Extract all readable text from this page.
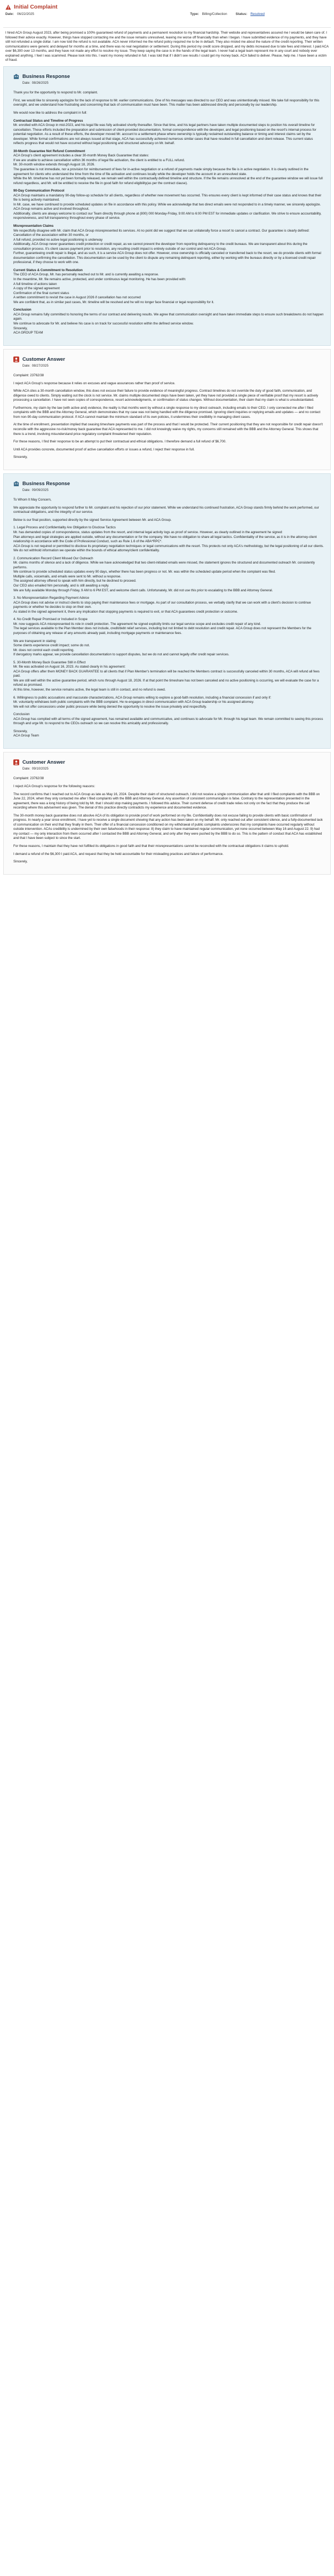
Initial Complaint
Date: 06/22/2025	Type: Billing/Collection	Status: Resolved

I hired ACA Group August 2023, after being promised a 100% guaranteed refund of payments and a permanent resolution to my financial hardship. Their website and representatives assured me I would be taken care of. I followed their advice exactly. However, things have stopped contacting me and the issue remains unresolved, leaving me worse off financially than when I began. I have submitted evidence of my payments, and they have still not refunded a single dollar. I am now told the refund is not available. ACA never informed me the refund policy required me to be in default. They also misled me about the nature of the credit reporting. Their written communications were generic and delayed for months at a time, and there was no real negotiation or settlement. During this period my credit score dropped, and my debts increased due to late fees and interest. I paid ACA over $6,300 over 13 months, and they have not made any effort to resolve my issue. They keep saying the case is in the hands of the legal team. I never had a legal team represent me in any court and nobody ever explained anything. I feel I was scammed. Please look into this. I want my money refunded in full. I was told that if I didn't see results I could get my money back. ACA failed to deliver. Please, help me. I have been a victim of fraud.

Business Response
Date: 08/26/2025

Thank you for the opportunity to respond to Mr. complaint.

First, we would like to sincerely apologize for the lack of response to Mr. earlier communications. One of his messages was directed to our CEO and was unintentionally missed. We take full responsibility for this oversight, and we understand how frustrating and concerning that lack of communication must have been. This matter has been addressed directly and personally by our leadership.

We would now like to address the complaint in full:

Contractual Status and Timeline of Progress

Mr. enrolled with ACA Group in mid-2023, and his legal file was fully activated shortly thereafter. Since that time, and his legal partners have taken multiple documented steps to position his overall timeline for cancellation. These efforts included the preparation and submission of client-provided documentation, formal correspondence with the developer, and legal positioning based on the resort's internal process for potential negotiation. As a result of these efforts, the developer moved Mr. account to a settlement phase where ownership is typically reclaimed outstanding balance or timing and interest claims set by the developer. While formal confirmations are not always issued at that stage, ACA has successfully achieved numerous similar cases that have resulted in full cancellation and client release. This current status reflects progress that would not have occurred without legal positioning and structured advocacy on Mr. behalf.

30-Month Guarantee Not Refund Commitment

ACA Group's client agreement includes a clear 30-month Money Back Guarantee that states:
If we are unable to achieve cancellation within 36 months of legal file activation, the client is entitled to a FULL refund.
Mr. 30-month window extends through August 18, 2026.
The guarantee is not immediate, nor a provision for reimbursement of fees for in-active negotiation or a refund of payments made simply because the file is in active negotiation. It is clearly outlined in the agreement for clients who understand the time from the time of file activation and continues locally while the developer holds the account in an unresolved state.
While the Mr. timeframe has not yet been formally released, we remain well within the contractually defined timeline and structure. If the file remains unresolved at the end of the guarantee window we will issue full refund regardless, and Mr. will be entitled to receive the file in good faith for refund eligibility(as per the contract clause).

90-Day Communication Protocol

ACA Group maintains a mandatory 90-day follow-up schedule for all clients, regardless of whether new movement has occurred. This ensures every client is kept informed of their case status and knows that their file is being actively maintained.
In Mr. case, we have continued to provide scheduled updates on file in accordance with this policy. While we acknowledge that two direct emails were not responded to in a timely manner, we sincerely apologize. ACA Group remains active and involved throughout.
Additionally, clients are always welcome to contact our Team directly through phone at (800) 000 Monday-Friday, 9:00 AM to 6:00 PM EST for immediate updates or clarification. We strive to ensure accountability, responsiveness, and full transparency throughout every phase of service.

Misrepresentation Claims

We respectfully disagree with Mr. claim that ACA Group misrepresented its services. At no point did we suggest that we can unilaterally force a resort to cancel a contract. Our guarantee is clearly defined: Cancellation of the association within 30 months, or
A full refund, provided no active legal positioning is underway
Additionally, ACA Group never guarantees credit protection or credit repair, as we cannot prevent the developer from reporting delinquency to the credit bureaus. We are transparent about this during the consultation process. It's client causes payment prior to resolution, any resulting credit impact is entirely outside of our control and not ACA Group.
Further, guaranteeing credit repair is illegal, and as such, it is a service ACA Group does not offer. However, once ownership is officially canceled or transferred back to the resort, we do provide clients with formal documentation confirming the cancellation. This documentation can be used by the client to dispute any remaining delinquent reporting, either by working with the bureaus directly or by a licensed credit repair professional, if they choose to work with one.

Current Status & Commitment to Resolution

The CEO of ACA Group, Mr. has personally reached out to Mr. and is currently awaiting a response.
In the meantime, Mr. file remains active, protected, and under continuous legal monitoring. He has been provided with:
A full timeline of actions taken
A copy of the signed agreement
Confirmation of the final current status
A written commitment to revisit the case in August 2026 if cancellation has not occurred
We are confident that, as in similar past cases, Mr. timeline will be resolved and he will no longer face financial or legal responsibility for it.

Conclusion

ACA Group remains fully committed to honoring the terms of our contract and delivering results. We agree that communication oversight and have taken immediate steps to ensure such breakdowns do not happen again.
We continue to advocate for Mr. and believe his case is on track for successful resolution within the defined service window.
Sincerely,
ACA GROUP TEAM

Customer Answer
Date: 08/27/2025

Complaint: 23762/38

I reject ACA Group's response because it relies on excuses and vague assurances rather than proof of service.

While ACA cites a 30-month cancellation window, this does not excuse their failure to provide evidence of meaningful progress. Contract timelines do not override the duty of good faith, communication, and diligence owed to clients. Simply waiting out the clock is not service. Mr. claims multiple documented steps have been taken, yet they have not provided a single piece of verifiable proof that my resort is actively processing a cancellation. I have not seen copies of correspondence, resort acknowledgments, or confirmation of status changes. Without documentation, their claim that my claim is what is unsubstantiated.

Furthermore, my claim by the law (with active and) evidence, the reality is that months went by without a single response to my direct outreach, including emails to their CEO. I only connected me after I filed complaints with the BBB and the Attorney General, which demonstrates that my case was not being handled with the diligence promised. Ignoring client inquiries or replying emails and updates — and no contact from non-90-day communication protocol. If ACA cannot maintain the minimum standard of its own policies, it undermines their credibility in managing client cases.

At the time of enrollment, presentation implied that ceasing timeshare payments was part of the process and that I would be protected. Their current positioning that they are not responsible for credit repair doesn't reconcile with the aggressive no-risk/money back guarantee that ACA represented to me. I did not knowingly waive my rights, my concerns still remained with the BBB and the Attorney General. This shows that there is a trend, involving misunderstand price regulatory complaint threatened their reputation.

For these reasons, I find their response to be an attempt to put their contractual and ethical obligations. I therefore demand a full refund of $6,700.

Until ACA provides concrete, documented proof of active cancellation efforts or issues a refund, I reject their response in full.

Sincerely,

Business Response
Date: 09/09/2025

To Whom It May Concern,

We appreciate the opportunity to respond further to Mr. complaint and his rejection of our prior statement. While we understand his continued frustration, ACA Group stands firmly behind the work performed, our contractual obligations, and the integrity of our service.

Below is our final position, supported directly by the signed Service Agreement between Mr. and ACA Group.

1. Legal Process and Confidentiality Are Obligation to Disclose Tactics
Mr. has demanded copies of correspondence, status updates from the resort, and internal legal activity logs as proof of service. However, as clearly outlined in the agreement he signed:
Plan attorneys and legal strategies are applied outside, without any documentation or for the company. We have no obligation to share all legal tactics. Confidentiality of the service, as it is in the attorney-client relationship in accordance with the Code of Professional Conduct, such as Rule 1.6 of the ABA*RPC*.
ACA Group is not required or permitted to disclose its proprietary negotiation techniques or legal communications with the resort. This protects not only ACA's methodology, but the legal positioning of all our clients. We do not withhold information we operate within the bounds of ethical attorney/client confidentiality.

2. Communication Record Client Missed Our Outreach
Mr. claims months of silence and a lack of diligence. While we have acknowledged that two client-initiated emails were missed, the statement ignores the structured and documented outreach Mr. consistently performs.
We continue to provide scheduled status updates every 90 days, whether there has been progress or not. Mr. was within the scheduled update period when the complaint was filed.
Multiple calls, voicemails, and emails were sent to Mr. without a response.
The assigned attorney offered to speak with him directly, but he declined to proceed.
Our CEO also emailed him personally, and is still awaiting a reply.
We are fully available Monday through Friday, 9 AM to 6 PM EST, and welcome client calls. Unfortunately, Mr. did not use this prior to escalating to the BBB and Attorney General.

3. No Misrepresentation Regarding Payment Advice
ACA Group does not advise or instruct clients to stop paying their maintenance fees or mortgage. As part of our consultation process, we verbally clarify that we can work with a client's decision to continue payments or whether he decides to stop on their own.
As stated in the signed agreement it, there any implication that stopping payments is required to exit, or that ACA guarantees credit protection or outcome.

4. No Credit Repair Promised or Included in Scope
Mr. now suggests ACA misrepresented its role in credit protection. The agreement he signed explicitly limits our legal service scope and excludes credit repair of any kind.
The legal services available to the Plan Member does not include, credit/debt relief services, including but not limited to debt resolution and credit repair. ACA Group does not represent the Members for the purposes of obtaining any release of any amounts already paid, including mortgage payments or maintenance fees.

We are transparent in stating:
Some clients experience credit impact; some do not.
Mr. does not control each credit reporting.
If derogatory marks appear, we provide cancellation documentation to support disputes, but we do not and cannot legally offer credit repair services.

5. 30-Month Money Back Guarantee Still in Effect
Mr. file was activated on August 16, 2023. As stated clearly in his agreement:
ACA Group offers after them MONEY BACK GUARANTEE to all clients that if Plan Member's termination will be reached the Members contract is successfully canceled within 30 months, ACA will refund all fees paid.
We are still well within the active guarantee period, which runs through August 18, 2026. If at that point the timeshare has not been canceled and no active positioning is occurring, we will evaluate the case for a refund as promised.
At this time, however, the service remains active, the legal team is still in contact, and no refund is owed.

6. Willingness to public accusations and inaccurate characterizations, ACA Group remains willing to explore a good-faith resolution, including a financial concession if and only if:
Mr. voluntarily withdraws both public complaints with the BBB complaint. He re-engages in direct communication with ACA Group leadership or his assigned attorney.
We will not offer concessions under public pressure while being denied the opportunity to resolve the issue privately and respectfully.

Conclusion
ACA Group has complied with all terms of the signed agreement, has remained available and communicative, and continues to advocate for Mr. through his legal team. We remain committed to seeing this process through and urge Mr. to respond to the CEOs outreach so we can resolve this amicably and professionally.

Sincerely,
ACA Group Team

Customer Answer
Date: 09/10/2025

Complaint: 23762/38

I reject ACA Group's response for the following reasons:

The record confirms that I reached out to ACA Group as late as May 16, 2024. Despite their claim of structured outreach, I did not receive a single communication after that until I filed complaints with the BBB on June 22, 2024, when they only contacted me after I filed complaints with the BBB and Attorney General. Any assertion of consistent communication is false. Contrary to the representation presented in the agreement, there was a long history of being told by Mr. that I should stop making payments. I followed this advice. Their current defense of credit trade relies not only on the fact that they produce the call recording where this advisement was given. The denial of this practice directly contradicts my experience and documented evidence.

The 30-month money back guarantee does not absolve ACA of its obligation to provide proof of work performed on my file. Confidentiality does not excuse failing to provide clients with basic confirmation of progress. In nearly a year since enrollment, I have yet to receive a single document showing that any action has been taken on my behalf. Mr. only reached out after consistent silence, and a fully-documented lack of communication on their end that they finally in them. Their offer of a financial concession conditioned on my withdrawal of public complaints underscores that my complaints have occurred regularly without outside intervention. ACAs credibility is undermined by their own falsehoods in their response: 8) they claim to have maintained regular communication, yet none occurred between May 16 and August 22. 9) had my contact — my only interaction from them occurred after I contacted the BBB and Attorney General, and only after they were pushed by the BBB to do so. This is the pattern of conduct that ACA has established and that I have been subject to since the start.

For these reasons, I maintain that they have not fulfilled its obligations in good faith and that their misrepresentations cannot be reconciled with the contractual obligations it claims to uphold.

I demand a refund of the $6,300 I paid ACA, and request that they be held accountable for their misleading practices and failure of performance.

Sincerely,
